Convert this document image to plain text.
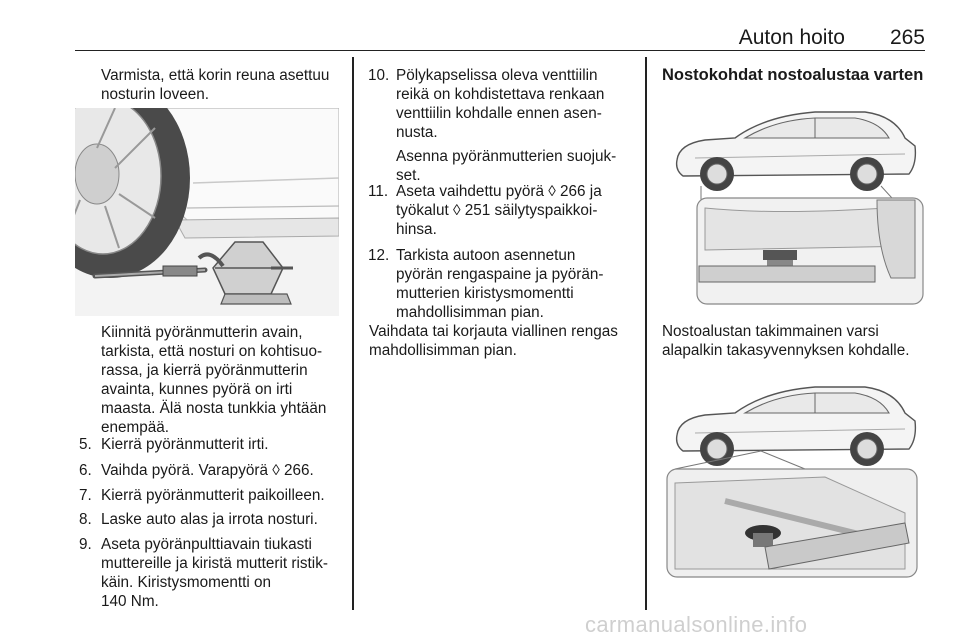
Auton hoito 265
Varmista, että korin reuna asettuu
nosturin loveen.
Kiinnitä pyöränmutterin avain,
tarkista, että nosturi on kohtisuo-
rassa, ja kierrä pyöränmutterin
avainta, kunnes pyörä on irti
maasta. Älä nosta tunkkia yhtään
enempää.
5. Kierrä pyöränmutterit irti.
6. Vaihda pyörä. Varapyörä ◊ 266.
7. Kierrä pyöränmutterit paikoilleen.
8. Laske auto alas ja irrota nosturi.
9. Aseta pyöränpulttiavain tiukasti
muttereille ja kiristä mutterit ristik-
käin. Kiristysmomentti on
140 Nm.
10. Pölykapselissa oleva venttiilin
reikä on kohdistettava renkaan
venttiilin kohdalle ennen asen-
nusta.
Asenna pyöränmutterien suojuk-
set.
11. Aseta vaihdettu pyörä ◊ 266 ja
työkalut ◊ 251 säilytyspaikkoi-
hinsa.
12. Tarkista autoon asennetun
pyörän rengaspaine ja pyörän-
mutterien kiristysmomentti
mahdollisimman pian.
Vaihdata tai korjauta viallinen rengas
mahdollisimman pian.
Nostokohdat nostoalustaa varten
Nostoalustan takimmainen varsi
alapalkin takasyvennyksen kohdalle.
carmanualsonline.info
